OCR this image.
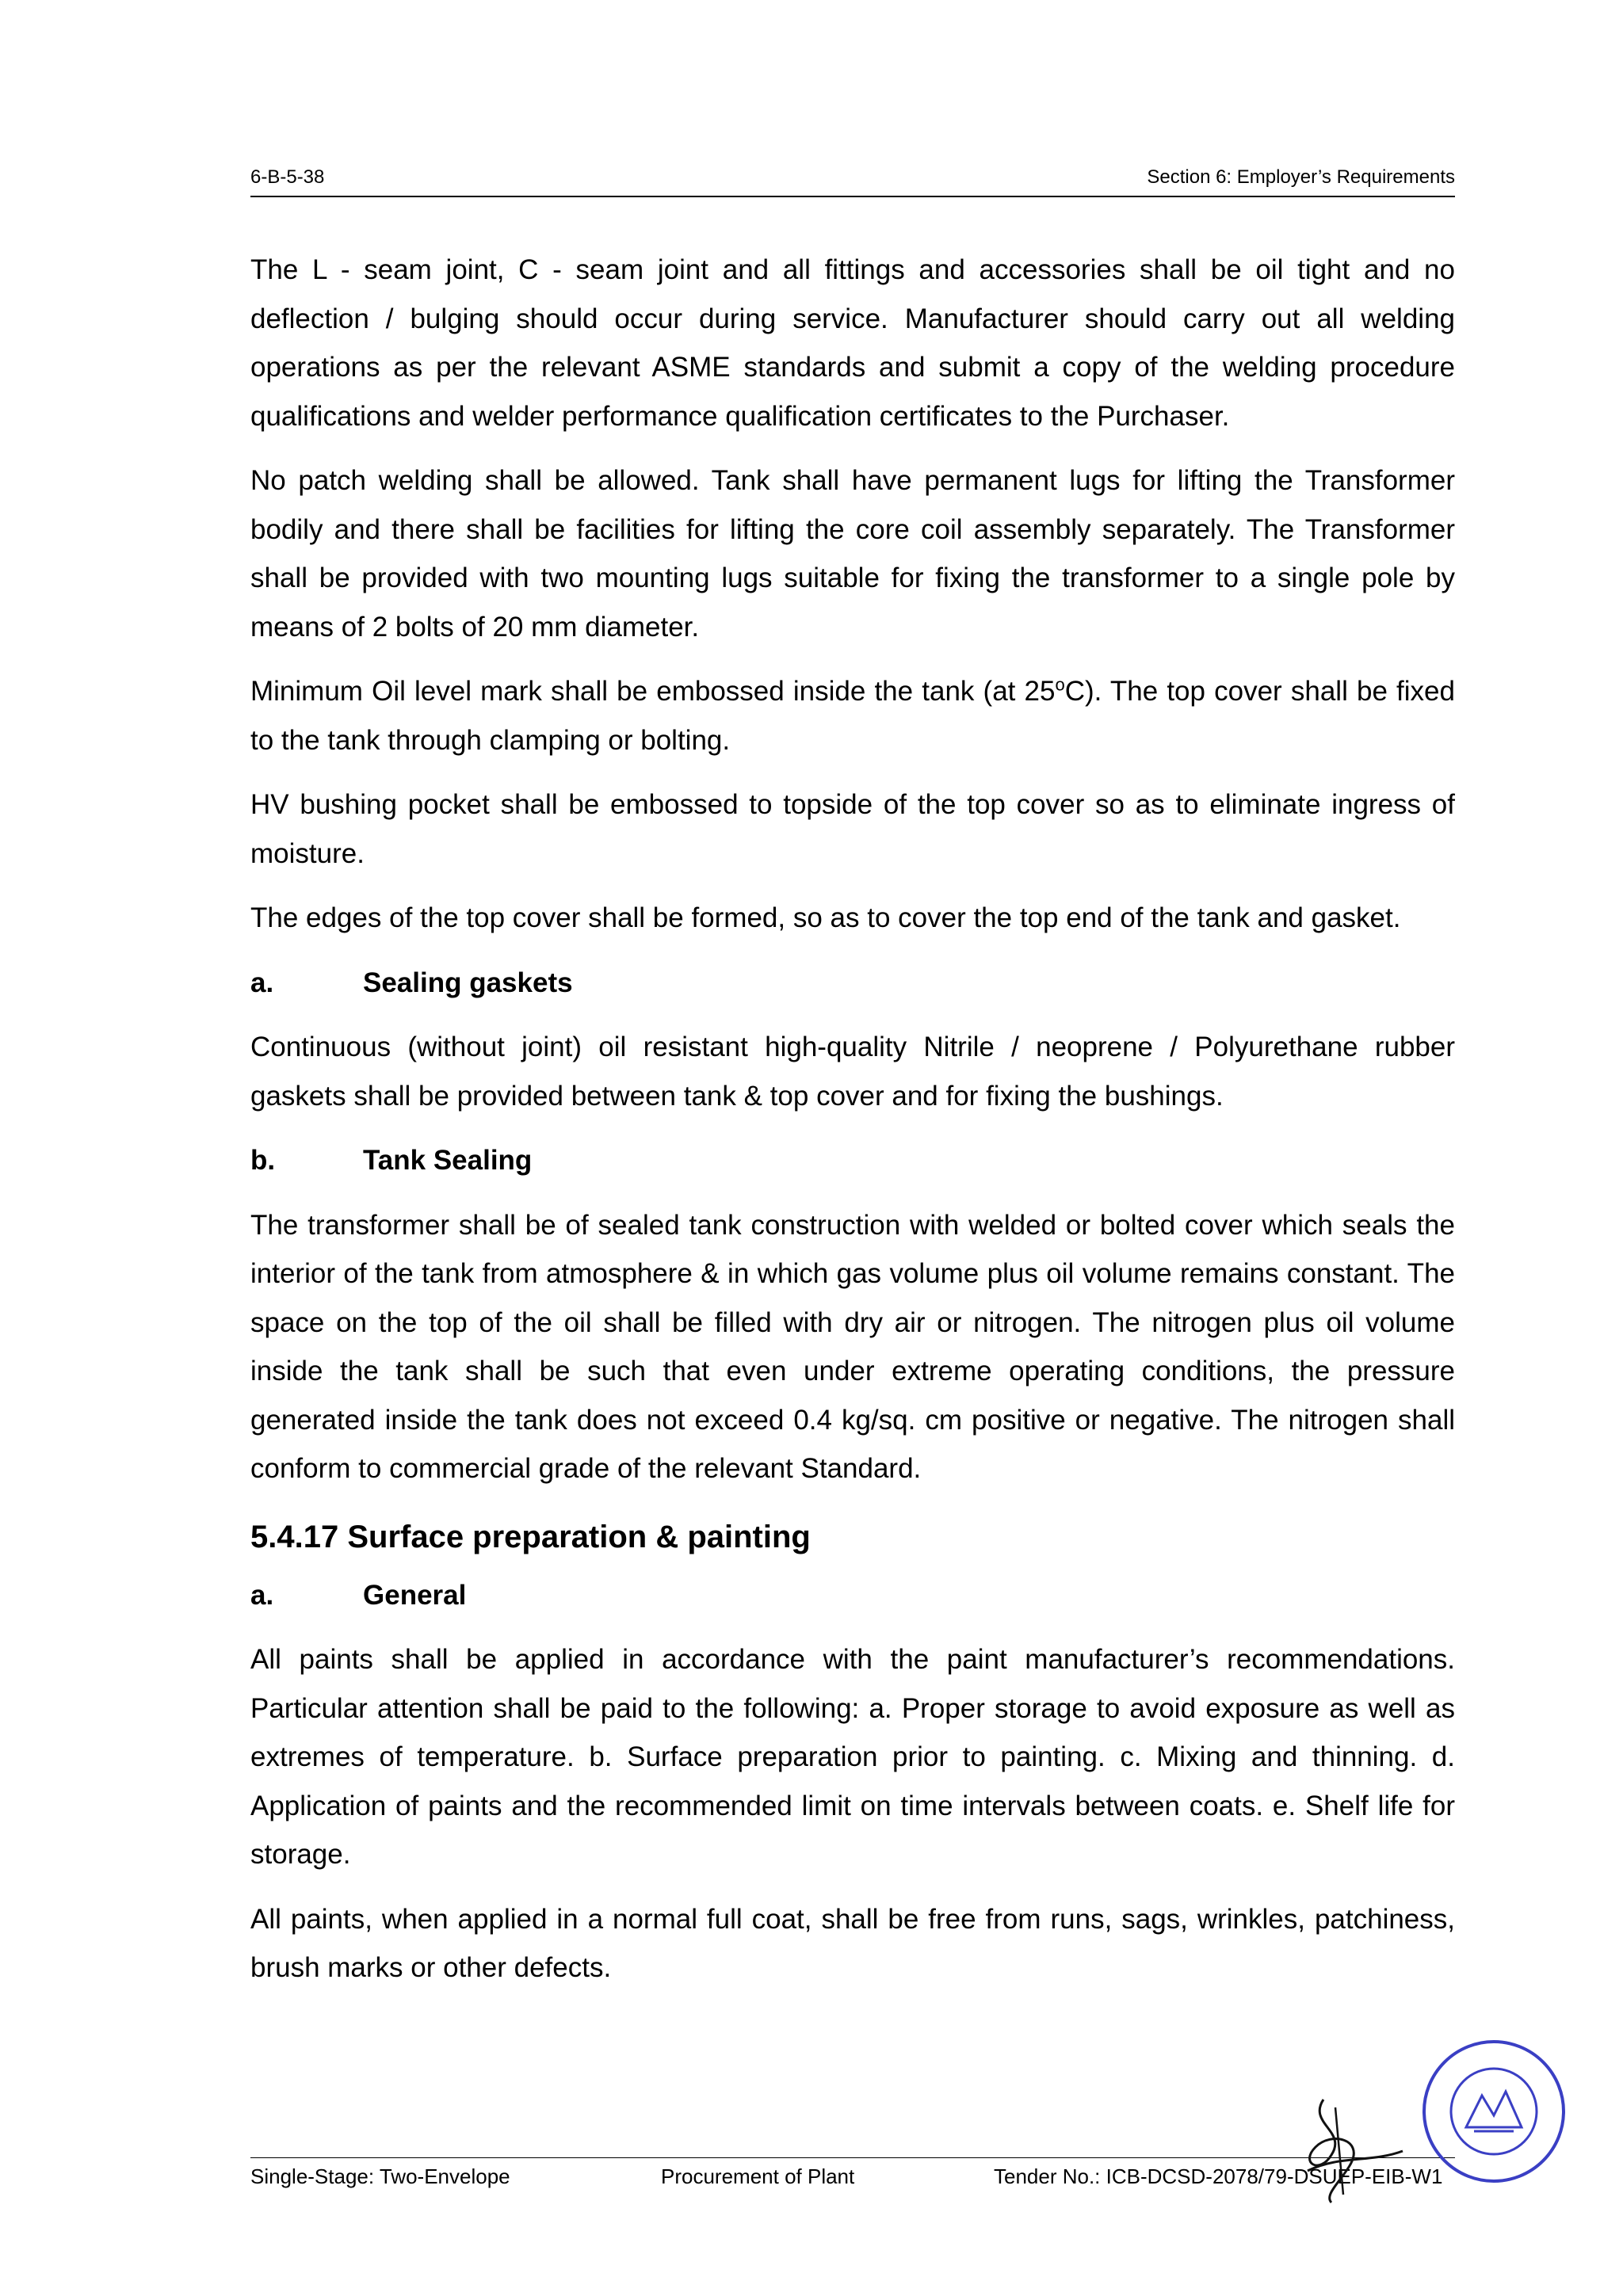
6-B-5-38	Section 6: Employer’s Requirements

The L - seam joint, C - seam joint and all fittings and accessories shall be oil tight and no deflection / bulging should occur during service. Manufacturer should carry out all welding operations as per the relevant ASME standards and submit a copy of the welding procedure qualifications and welder performance qualification certificates to the Purchaser.

No patch welding shall be allowed. Tank shall have permanent lugs for lifting the Transformer bodily and there shall be facilities for lifting the core coil assembly separately. The Transformer shall be provided with two mounting lugs suitable for fixing the transformer to a single pole by means of 2 bolts of 20 mm diameter.

Minimum Oil level mark shall be embossed inside the tank (at 25$^o$C). The top cover shall be fixed to the tank through clamping or bolting.

HV bushing pocket shall be embossed to topside of the top cover so as to eliminate ingress of moisture.

The edges of the top cover shall be formed, so as to cover the top end of the tank and gasket.

a.	Sealing gaskets

Continuous (without joint) oil resistant high-quality Nitrile / neoprene / Polyurethane rubber gaskets shall be provided between tank & top cover and for fixing the bushings.

b.	Tank Sealing

The transformer shall be of sealed tank construction with welded or bolted cover which seals the interior of the tank from atmosphere & in which gas volume plus oil volume remains constant. The space on the top of the oil shall be filled with dry air or nitrogen. The nitrogen plus oil volume inside the tank shall be such that even under extreme operating conditions, the pressure generated inside the tank does not exceed 0.4 kg/sq. cm positive or negative. The nitrogen shall conform to commercial grade of the relevant Standard.

5.4.17 Surface preparation & painting
a.	General

All paints shall be applied in accordance with the paint manufacturer’s recommendations. Particular attention shall be paid to the following: a. Proper storage to avoid exposure as well as extremes of temperature. b. Surface preparation prior to painting. c. Mixing and thinning. d. Application of paints and the recommended limit on time intervals between coats. e. Shelf life for storage.

All paints, when applied in a normal full coat, shall be free from runs, sags, wrinkles, patchiness, brush marks or other defects.

Single-Stage: Two-Envelope	Procurement of Plant	Tender No.: ICB-DCSD-2078/79-DSUEP-EIB-W1
